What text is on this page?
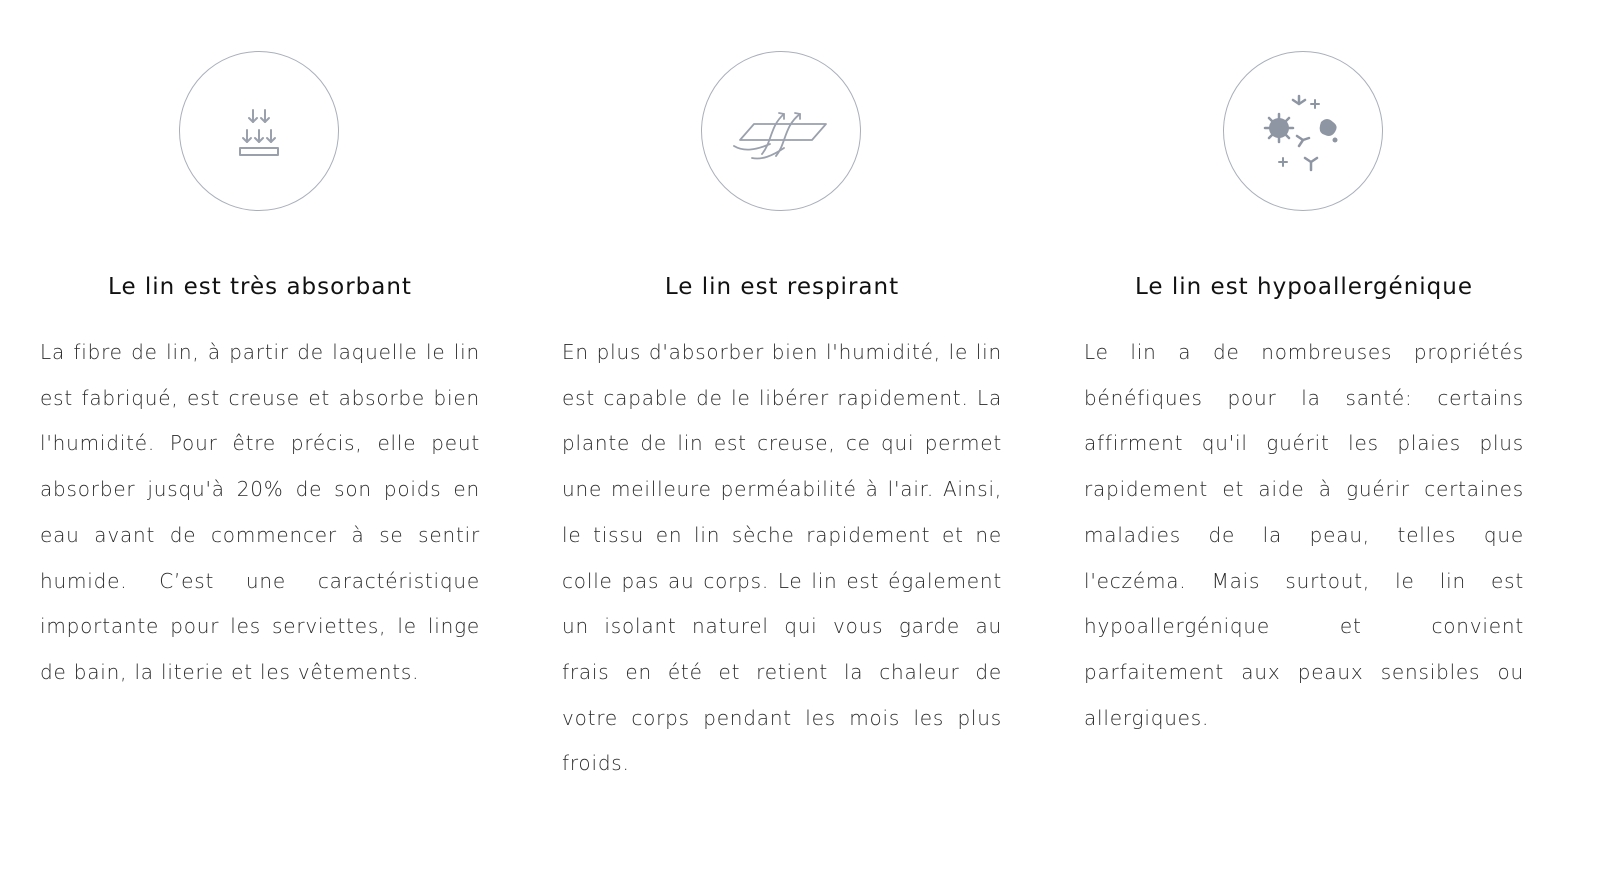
Le lin est très absorbant

La fibre de lin, à partir de laquelle le lin est fabriqué, est creuse et absorbe bien l'humidité. Pour être précis, elle peut absorber jusqu'à 20% de son poids en eau avant de commencer à se sentir humide. C’est une caractéristique importante pour les serviettes, le linge de bain, la literie et les vêtements.

Le lin est respirant

En plus d'absorber bien l'humidité, le lin est capable de le libérer rapidement. La plante de lin est creuse, ce qui permet une meilleure perméabilité à l'air. Ainsi, le tissu en lin sèche rapidement et ne colle pas au corps. Le lin est également un isolant naturel qui vous garde au frais en été et retient la chaleur de votre corps pendant les mois les plus froids.

Le lin est hypoallergénique

Le lin a de nombreuses propriétés bénéfiques pour la santé: certains affirment qu'il guérit les plaies plus rapidement et aide à guérir certaines maladies de la peau, telles que l'eczéma. Mais surtout, le lin est hypoallergénique et convient parfaitement aux peaux sensibles ou allergiques.
